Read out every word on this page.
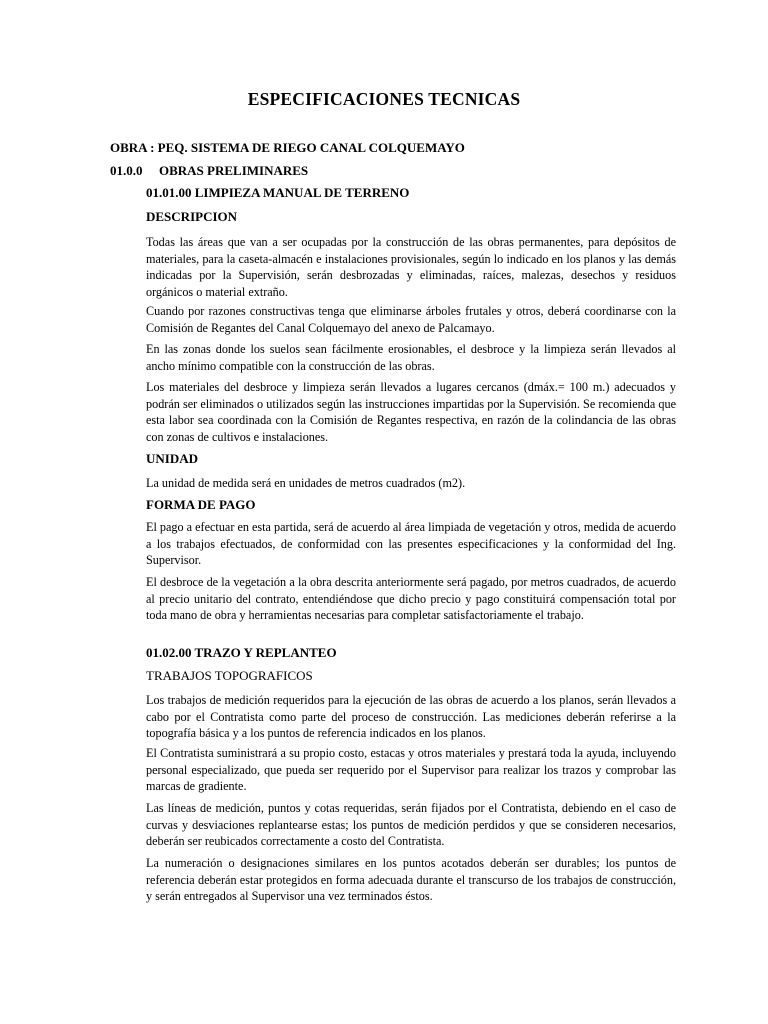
ESPECIFICACIONES TECNICAS
OBRA : PEQ. SISTEMA DE RIEGO CANAL COLQUEMAYO
01.0.0 OBRAS PRELIMINARES
01.01.00 LIMPIEZA MANUAL DE TERRENO
DESCRIPCION

Todas las áreas que van a ser ocupadas por la construcción de las obras permanentes, para depósitos de materiales, para la caseta-almacén e instalaciones provisionales, según lo indicado en los planos y las demás indicadas por la Supervisión, serán desbrozadas y eliminadas, raíces, malezas, desechos y residuos orgánicos o material extraño.

Cuando por razones constructivas tenga que eliminarse árboles frutales y otros, deberá coordinarse con la Comisión de Regantes del Canal Colquemayo del anexo de Palcamayo.

En las zonas donde los suelos sean fácilmente erosionables, el desbroce y la limpieza serán llevados al ancho mínimo compatible con la construcción de las obras.

Los materiales del desbroce y limpieza serán llevados a lugares cercanos (dmáx.= 100 m.) adecuados y podrán ser eliminados o utilizados según las instrucciones impartidas por la Supervisión. Se recomienda que esta labor sea coordinada con la Comisión de Regantes respectiva, en razón de la colindancia de las obras con zonas de cultivos e instalaciones.

UNIDAD

La unidad de medida será en unidades de metros cuadrados (m2).

FORMA DE PAGO

El pago a efectuar en esta partida, será de acuerdo al área limpiada de vegetación y otros, medida de acuerdo a los trabajos efectuados, de conformidad con las presentes especificaciones y la conformidad del Ing. Supervisor.

El desbroce de la vegetación a la obra descrita anteriormente será pagado, por metros cuadrados, de acuerdo al precio unitario del contrato, entendiéndose que dicho precio y pago constituirá compensación total por toda mano de obra y herramientas necesarias para completar satisfactoriamente el trabajo.

01.02.00 TRAZO Y REPLANTEO
TRABAJOS TOPOGRAFICOS

Los trabajos de medición requeridos para la ejecución de las obras de acuerdo a los planos, serán llevados a cabo por el Contratista como parte del proceso de construcción. Las mediciones deberán referirse a la topografía básica y a los puntos de referencia indicados en los planos.

El Contratista suministrará a su propio costo, estacas y otros materiales y prestará toda la ayuda, incluyendo personal especializado, que pueda ser requerido por el Supervisor para realizar los trazos y comprobar las marcas de gradiente.

Las líneas de medición, puntos y cotas requeridas, serán fijados por el Contratista, debiendo en el caso de curvas y desviaciones replantearse estas; los puntos de medición perdidos y que se consideren necesarios, deberán ser reubicados correctamente a costo del Contratista.

La numeración o designaciones similares en los puntos acotados deberán ser durables; los puntos de referencia deberán estar protegidos en forma adecuada durante el transcurso de los trabajos de construcción, y serán entregados al Supervisor una vez terminados éstos.
